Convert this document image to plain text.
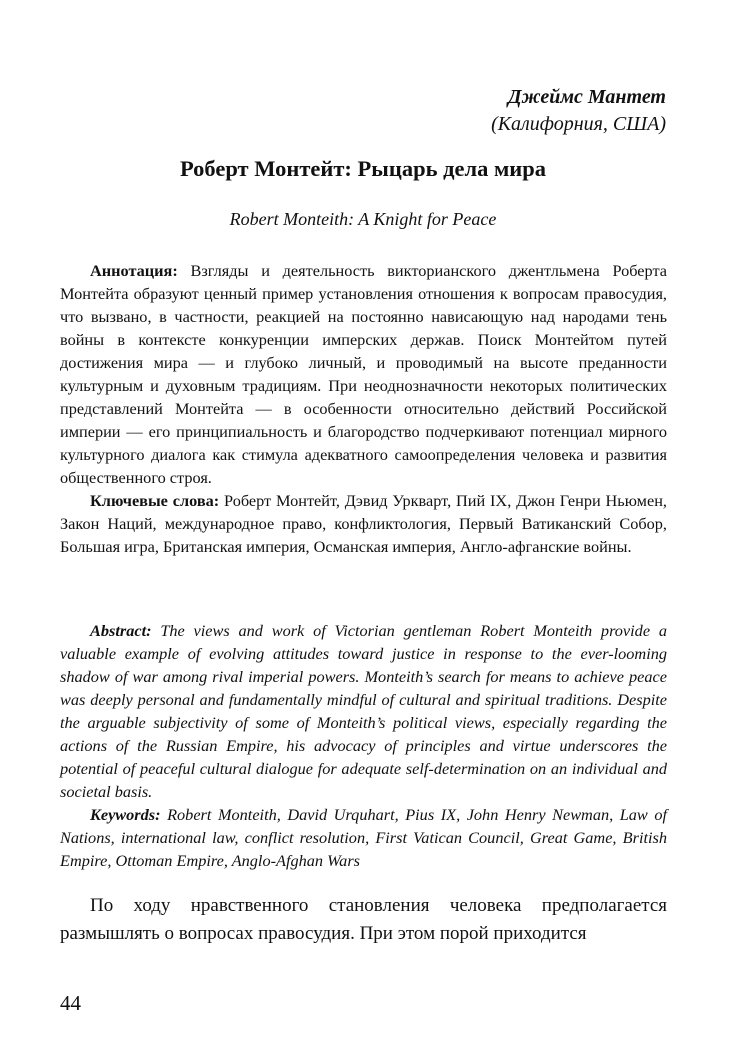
Джеймс Мантет
(Калифорния, США)
Роберт Монтейт: Рыцарь дела мира
Robert Monteith: A Knight for Peace

Аннотация: Взгляды и деятельность викторианского джентльмена Роберта Монтейта образуют ценный пример установления отношения к вопросам правосудия, что вызвано, в частности, реакцией на постоянно нависающую над народами тень войны в контексте конкуренции имперских держав. Поиск Монтейтом путей достижения мира — и глубоко личный, и проводимый на высоте преданности культурным и духовным традициям. При неоднозначности некоторых политических представлений Монтейта — в особенности относительно действий Российской империи — его принципиальность и благородство подчеркивают потенциал мирного культурного диалога как стимула адекватного самоопределения человека и развития общественного строя.

Ключевые слова: Роберт Монтейт, Дэвид Уркварт, Пий IX, Джон Генри Ньюмен, Закон Наций, международное право, конфликтология, Первый Ватиканский Собор, Большая игра, Британская империя, Османская империя, Англо-афганские войны.

Abstract: The views and work of Victorian gentleman Robert Monteith provide a valuable example of evolving attitudes toward justice in response to the ever-looming shadow of war among rival imperial powers. Monteith’s search for means to achieve peace was deeply personal and fundamentally mindful of cultural and spiritual traditions. Despite the arguable subjectivity of some of Monteith’s political views, especially regarding the actions of the Russian Empire, his advocacy of principles and virtue underscores the potential of peaceful cultural dialogue for adequate self-determination on an individual and societal basis.

Keywords: Robert Monteith, David Urquhart, Pius IX, John Henry Newman, Law of Nations, international law, conflict resolution, First Vatican Council, Great Game, British Empire, Ottoman Empire, Anglo-Afghan Wars

По ходу нравственного становления человека предполагается размышлять о вопросах правосудия. При этом порой приходится

44
